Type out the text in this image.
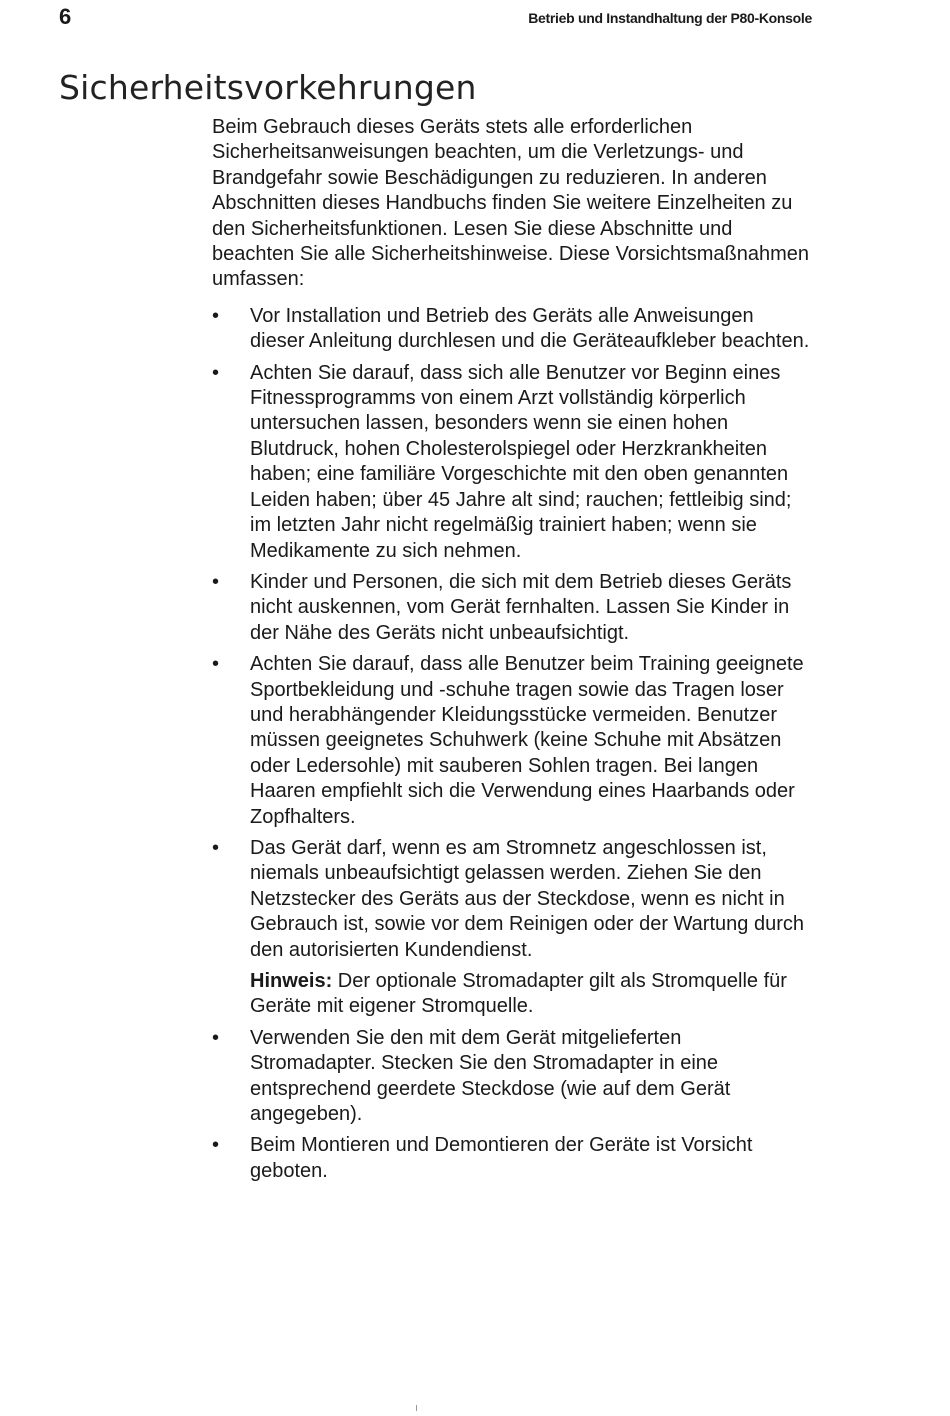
6	Betrieb und Instandhaltung der P80-Konsole
Sicherheitsvorkehrungen

Beim Gebrauch dieses Geräts stets alle erforderlichen Sicherheitsanweisungen beachten, um die Verletzungs- und Brandgefahr sowie Beschädigungen zu reduzieren. In anderen Abschnitten dieses Handbuchs finden Sie weitere Einzelheiten zu den Sicherheitsfunktionen. Lesen Sie diese Abschnitte und beachten Sie alle Sicherheitshinweise. Diese Vorsichtsmaßnahmen umfassen:

•	Vor Installation und Betrieb des Geräts alle Anweisungen dieser Anleitung durchlesen und die Geräteaufkleber beachten.

•	Achten Sie darauf, dass sich alle Benutzer vor Beginn eines Fitnessprogramms von einem Arzt vollständig körperlich untersuchen lassen, besonders wenn sie einen hohen Blutdruck, hohen Cholesterolspiegel oder Herzkrankheiten haben; eine familiäre Vorgeschichte mit den oben genannten Leiden haben; über 45 Jahre alt sind; rauchen; fettleibig sind; im letzten Jahr nicht regelmäßig trainiert haben; wenn sie Medikamente zu sich nehmen.

•	Kinder und Personen, die sich mit dem Betrieb dieses Geräts nicht auskennen, vom Gerät fernhalten. Lassen Sie Kinder in der Nähe des Geräts nicht unbeaufsichtigt.

•	Achten Sie darauf, dass alle Benutzer beim Training geeignete Sportbekleidung und -schuhe tragen sowie das Tragen loser und herabhängender Kleidungsstücke vermeiden. Benutzer müssen geeignetes Schuhwerk (keine Schuhe mit Absätzen oder Ledersohle) mit sauberen Sohlen tragen. Bei langen Haaren empfiehlt sich die Verwendung eines Haarbands oder Zopfhalters.

•	Das Gerät darf, wenn es am Stromnetz angeschlossen ist, niemals unbeaufsichtigt gelassen werden. Ziehen Sie den Netzstecker des Geräts aus der Steckdose, wenn es nicht in Gebrauch ist, sowie vor dem Reinigen oder der Wartung durch den autorisierten Kundendienst.

Hinweis: Der optionale Stromadapter gilt als Stromquelle für Geräte mit eigener Stromquelle.

•	Verwenden Sie den mit dem Gerät mitgelieferten Stromadapter. Stecken Sie den Stromadapter in eine entsprechend geerdete Steckdose (wie auf dem Gerät angegeben).

•	Beim Montieren und Demontieren der Geräte ist Vorsicht geboten.
